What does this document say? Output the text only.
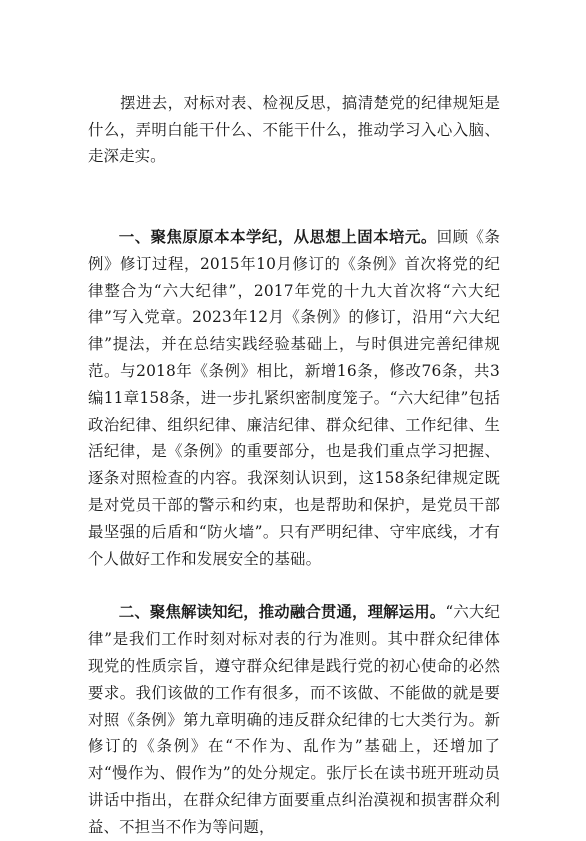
摆进去，对标对表、检视反思，搞清楚党的纪律规矩是什么，弄明白能干什么、不能干什么，推动学习入心入脑、走深走实。

一、聚焦原原本本学纪，从思想上固本培元。回顾《条例》修订过程，2015年10月修订的《条例》首次将党的纪律整合为“六大纪律”，2017年党的十九大首次将“六大纪律”写入党章。2023年12月《条例》的修订，沿用“六大纪律”提法，并在总结实践经验基础上，与时俱进完善纪律规范。与2018年《条例》相比，新增16条，修改76条，共3编11章158条，进一步扎紧织密制度笼子。“六大纪律”包括政治纪律、组织纪律、廉洁纪律、群众纪律、工作纪律、生活纪律，是《条例》的重要部分，也是我们重点学习把握、逐条对照检查的内容。我深刻认识到，这158条纪律规定既是对党员干部的警示和约束，也是帮助和保护，是党员干部最坚强的后盾和“防火墙”。只有严明纪律、守牢底线，才有个人做好工作和发展安全的基础。

二、聚焦解读知纪，推动融合贯通，理解运用。“六大纪律”是我们工作时刻对标对表的行为准则。其中群众纪律体现党的性质宗旨，遵守群众纪律是践行党的初心使命的必然要求。我们该做的工作有很多，而不该做、不能做的就是要对照《条例》第九章明确的违反群众纪律的七大类行为。新修订的《条例》在“不作为、乱作为”基础上，还增加了对“慢作为、假作为”的处分规定。张厅长在读书班开班动员讲话中指出，在群众纪律方面要重点纠治漠视和损害群众利益、不担当不作为等问题，
